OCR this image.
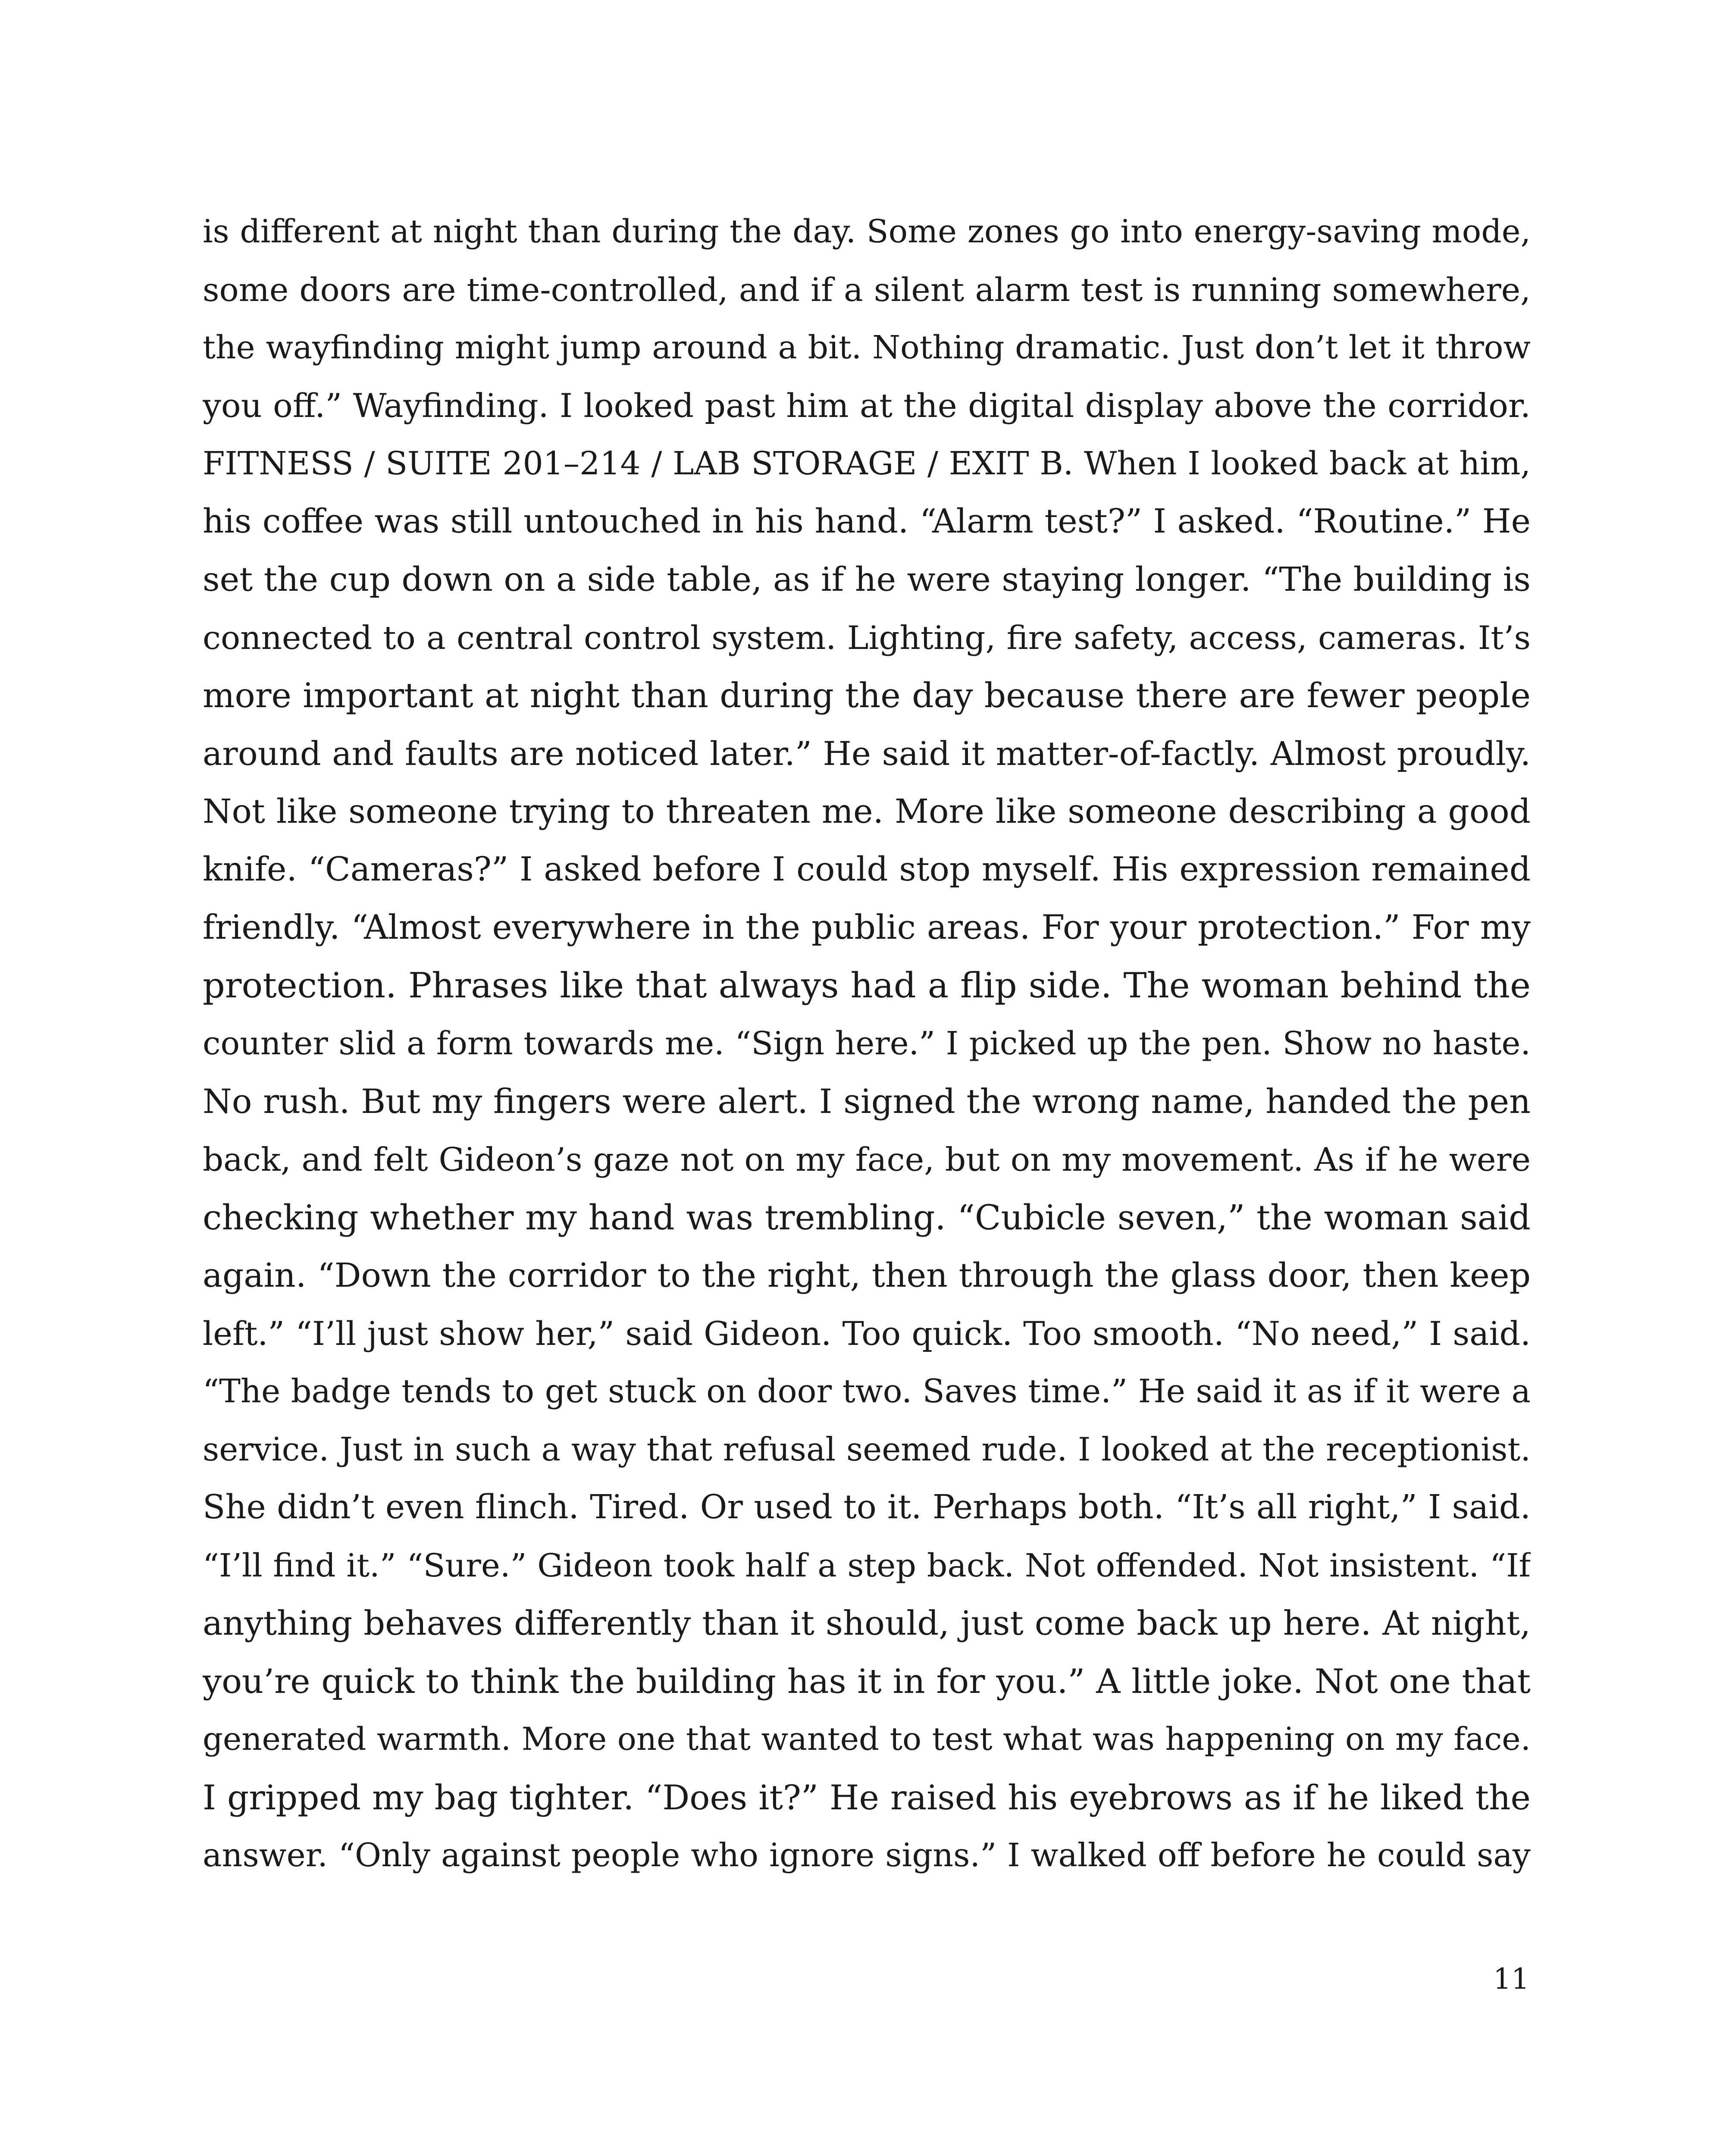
is different at night than during the day. Some zones go into energy-saving mode,
some doors are time-controlled, and if a silent alarm test is running somewhere,
the wayfinding might jump around a bit. Nothing dramatic. Just don’t let it throw
you off.” Wayfinding. I looked past him at the digital display above the corridor.
FITNESS / SUITE 201–214 / LAB STORAGE / EXIT B. When I looked back at him,
his coffee was still untouched in his hand. “Alarm test?” I asked. “Routine.” He
set the cup down on a side table, as if he were staying longer. “The building is
connected to a central control system. Lighting, fire safety, access, cameras. It’s
more important at night than during the day because there are fewer people
around and faults are noticed later.” He said it matter-of-factly. Almost proudly.
Not like someone trying to threaten me. More like someone describing a good
knife. “Cameras?” I asked before I could stop myself. His expression remained
friendly. “Almost everywhere in the public areas. For your protection.” For my
protection. Phrases like that always had a flip side. The woman behind the
counter slid a form towards me. “Sign here.” I picked up the pen. Show no haste.
No rush. But my fingers were alert. I signed the wrong name, handed the pen
back, and felt Gideon’s gaze not on my face, but on my movement. As if he were
checking whether my hand was trembling. “Cubicle seven,” the woman said
again. “Down the corridor to the right, then through the glass door, then keep
left.” “I’ll just show her,” said Gideon. Too quick. Too smooth. “No need,” I said.
“The badge tends to get stuck on door two. Saves time.” He said it as if it were a
service. Just in such a way that refusal seemed rude. I looked at the receptionist.
She didn’t even flinch. Tired. Or used to it. Perhaps both. “It’s all right,” I said.
“I’ll find it.” “Sure.” Gideon took half a step back. Not offended. Not insistent. “If
anything behaves differently than it should, just come back up here. At night,
you’re quick to think the building has it in for you.” A little joke. Not one that
generated warmth. More one that wanted to test what was happening on my face.
I gripped my bag tighter. “Does it?” He raised his eyebrows as if he liked the
answer. “Only against people who ignore signs.” I walked off before he could say

11
